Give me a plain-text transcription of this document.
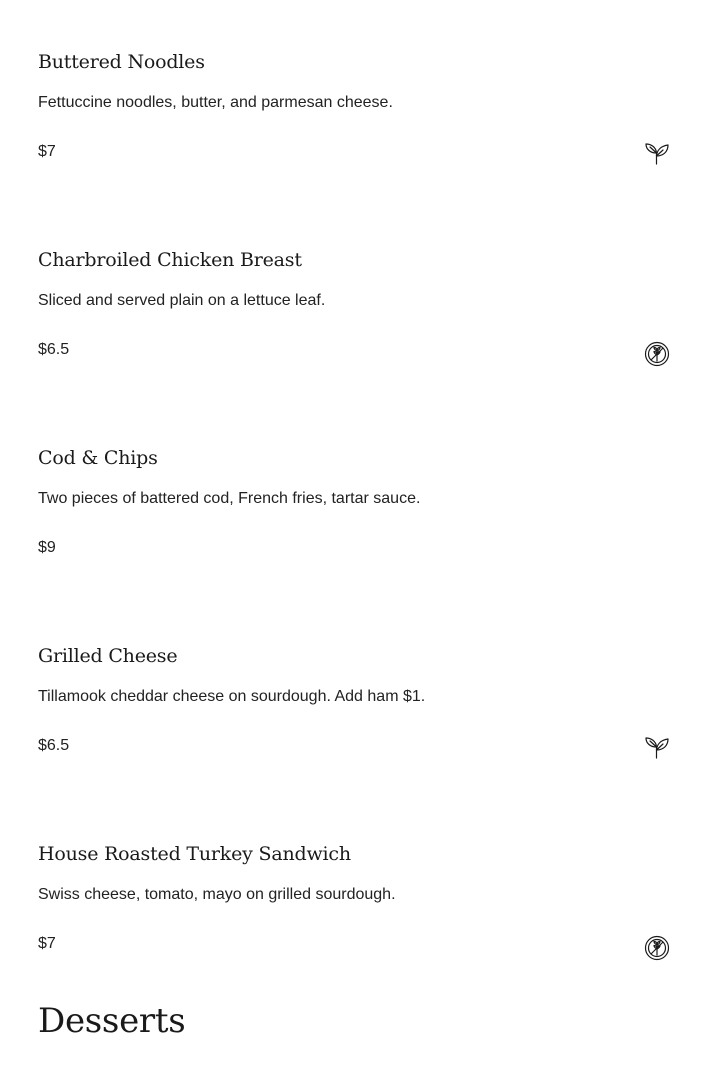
Buttered Noodles

Fettuccine noodles, butter, and parmesan cheese.

$7
Charbroiled Chicken Breast

Sliced and served plain on a lettuce leaf.

$6.5
Cod & Chips

Two pieces of battered cod, French fries, tartar sauce.

$9
Grilled Cheese

Tillamook cheddar cheese on sourdough. Add ham $1.

$6.5
House Roasted Turkey Sandwich

Swiss cheese, tomato, mayo on grilled sourdough.

$7
Desserts
